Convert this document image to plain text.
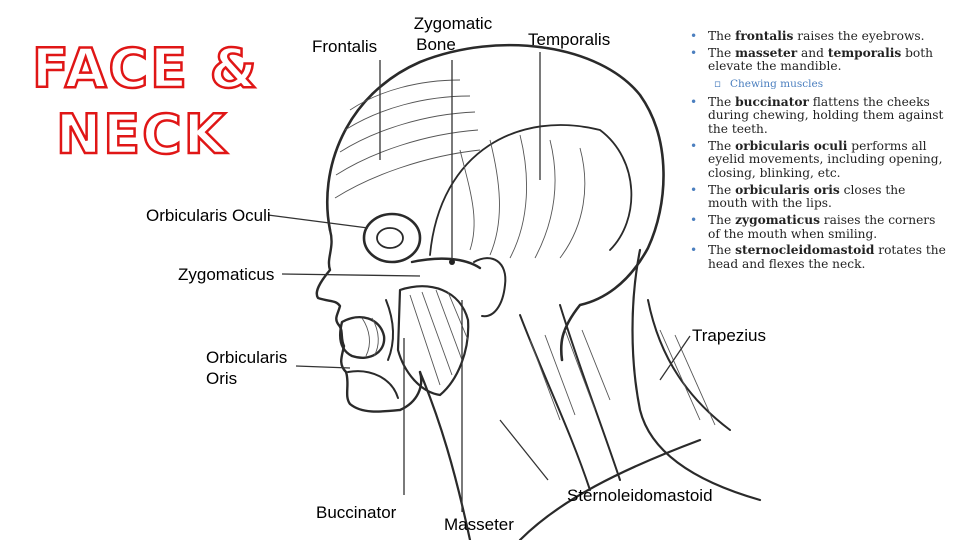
FACE &
NECK
Frontalis
Zygomatic
Bone	Temporalis
Orbicularis Oculi
Zygomaticus
Orbicularis
Oris
Trapezius
Buccinator
Masseter
Sternoleidomastoid
• The frontalis raises the eyebrows.
• The masseter and temporalis both elevate the mandible.
▫ Chewing muscles
• The buccinator flattens the cheeks during chewing, holding them against the teeth.
• The orbicularis oculi performs all eyelid movements, including opening, closing, blinking, etc.
• The orbicularis oris closes the mouth with the lips.
• The zygomaticus raises the corners of the mouth when smiling.
• The sternocleidomastoid rotates the head and flexes the neck.
